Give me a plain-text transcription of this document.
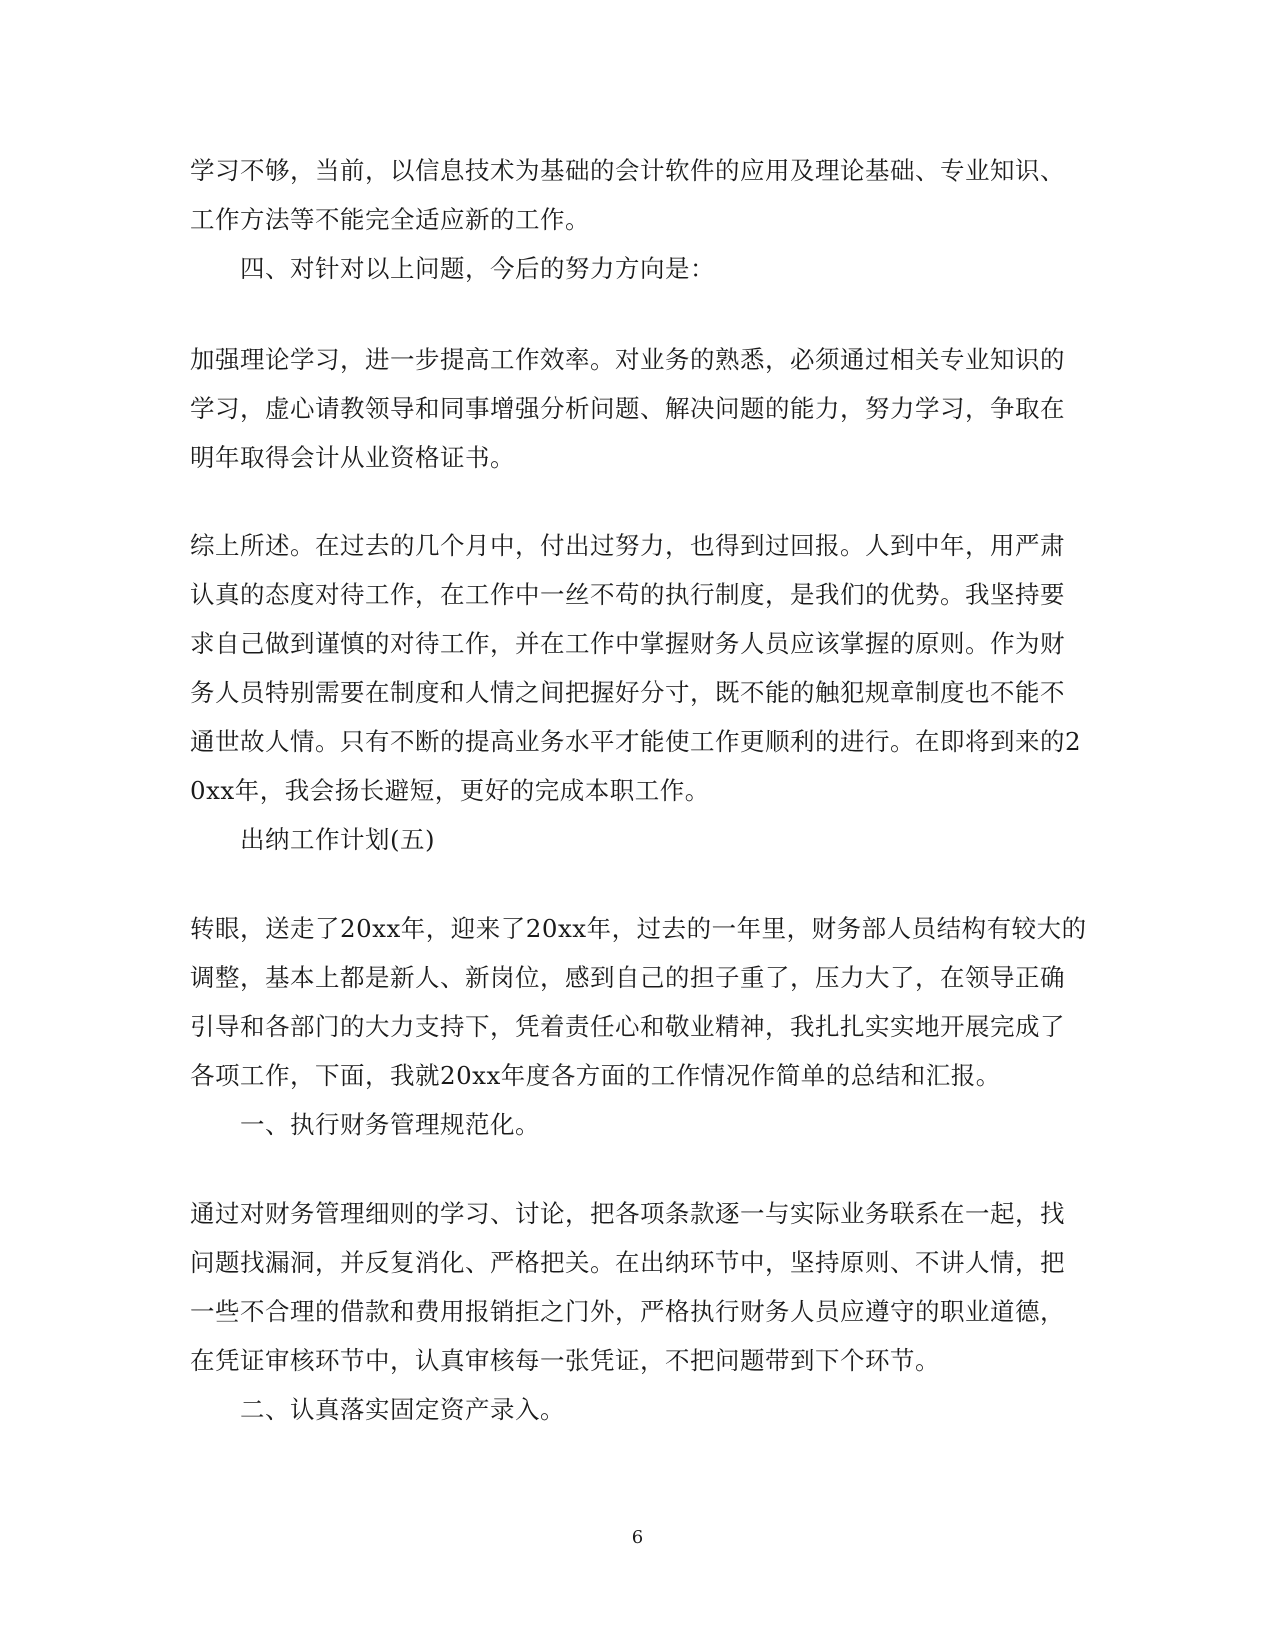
学习不够，当前，以信息技术为基础的会计软件的应用及理论基础、专业知识、
工作方法等不能完全适应新的工作。
四、对针对以上问题，今后的努力方向是：
加强理论学习，进一步提高工作效率。对业务的熟悉，必须通过相关专业知识的
学习，虚心请教领导和同事增强分析问题、解决问题的能力，努力学习，争取在
明年取得会计从业资格证书。
综上所述。在过去的几个月中，付出过努力，也得到过回报。人到中年，用严肃
认真的态度对待工作，在工作中一丝不苟的执行制度，是我们的优势。我坚持要
求自己做到谨慎的对待工作，并在工作中掌握财务人员应该掌握的原则。作为财
务人员特别需要在制度和人情之间把握好分寸，既不能的触犯规章制度也不能不
通世故人情。只有不断的提高业务水平才能使工作更顺利的进行。在即将到来的2
0xx年，我会扬长避短，更好的完成本职工作。
出纳工作计划(五)
转眼，送走了20xx年，迎来了20xx年，过去的一年里，财务部人员结构有较大的
调整，基本上都是新人、新岗位，感到自己的担子重了，压力大了，在领导正确
引导和各部门的大力支持下，凭着责任心和敬业精神，我扎扎实实地开展完成了
各项工作，下面，我就20xx年度各方面的工作情况作简单的总结和汇报。
一、执行财务管理规范化。
通过对财务管理细则的学习、讨论，把各项条款逐一与实际业务联系在一起，找
问题找漏洞，并反复消化、严格把关。在出纳环节中，坚持原则、不讲人情，把
一些不合理的借款和费用报销拒之门外，严格执行财务人员应遵守的职业道德，
在凭证审核环节中，认真审核每一张凭证，不把问题带到下个环节。
二、认真落实固定资产录入。
6
